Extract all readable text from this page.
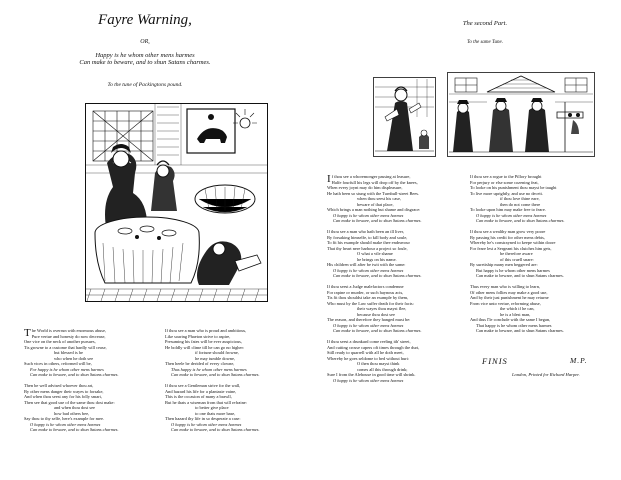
Fayre Warning,
OR,
Happy is he whom other mens harmes
Can make to beware, and to shun Satans charmes.
To the tune of Packingtons pound.
The World is overrun with enormous abuse,
Pure vertue and honesty do now decrease,
One vice on the neck of another pursues,
Tis growne to a custome that hardly will cease,
but blessed is he
who when he doth see
Such vices in others, reformed will be,
For happy is he whom other mens harmes
Can make to beware, and to shun Satans charmes.

Then be well advised whoever thou art,
By other mens danger their wayes to forsake,
And when thou seest any for his folly smart,
Then see that good use of the same thou dost make:
and when thou dost see
how bad others bee,
Say thou to thy selfe, here's example for mee.
O happy is he whom other mens harmes
Can make to beware, and to shun Satans charmes.
If thou see a man who is proud and ambitious,
Like soaring Phaeton strive to aspire,
Presuming his fates will be ever auspicious,
He boldly will clime till he can go no higher:
if fortune should frowne,
he may tumble downe,
Then heele be derided of every clowne,
Thus happy is he whom other mens harmes
Can make to beware, and to shun Satans charmes.

If thou see a Gentleman strive for the wall,
And hazard his life for a plantasie vaine,
This is the occasion of many a brawll,
But he thats a wiseman from that will refraine:
to better give place
to one thats more base,
Then hazard thy life in so desperate a case:
O happy is he whom other mens harmes
Can make to beware, and to shun Satans charmes.
The second Part.
To the same Tune.
If thou see a whoremonger passing at leasure,
Halfe fourfull his legs will drop off by the knees,
When every joynt may do him displeasure,
He hath been so stung with the Turnbull-street Bees.
when thou seest his case,
beware of that place,
Which brings a man nothing but shame and disgrace:
O happy is he whom other mens harmes
Can make to beware, and to shun Satans charmes.

If thou see a man who hath been an ill liver,
By forsaking himselfe, to kill body and soule,
To fit his example should make thee endeavour
That thy heart nere harbour a project so foule,
O what a vile shame
he brings on his name.
His children will after be twit with the same:
O happy is he whom other mens harmes
Can make to beware, and to shun Satans charmes.

If thou seest a Judge malefactors condemne
For rapine or murder, or such haynous acts,
Tis fit thou shouldst take an example by them,
Who must by the Law suffer death for their facts:
their wayes thou mayst flee,
because thou dost see
The reason, and therefore they hanged must be:
O happy is he whom other mens harmes
Can make to beware, and to shun Satans charmes.

If thou seest a drunkard come reeling ith' street,
And cutting crosse capers oft times through the durt,
Still ready to quarrell with all he doth meet,
Whereby he goes seldome to bed without hurt:
O then thou mayst think
comes all this through drink;
Sure I from the Alehouse in good time will shrink.
O happy is he whom other mens harmes
If thou see a rogue to the Pillory brought
For perjury or else some cozening feat,
To looke on his punishment thou mayst be taught
To live more uprightly, and use no deceit.
if thou love thine eare,
then do not come there
To looke upon him may make free to feare.
O happy is he whom other mens harmes
Can make to beware, and to shun Satans charmes.

If thou see a wealthy man grow very poore
By passing his credit for other mens debts,
Whereby he's constrayned to keepe within doore
For feare lest a Sergeant his clutches him gets,
be therefore aware
of this cruell snare:
By suretiship many men beggered are:
But happy is he whom other mens harmes
Can make to beware, and to shun Satans charmes.

Thus every man who is willing to learn,
Of other mens follies may make a good use,
And by their just punishment he may returne
From vice unto vertue, reforming abuse,
the which if he can,
he is a blest man,
And thus I'le conclude with the same I began,
That happy is he whom other mens harmes
Can make to beware, and to shun Satans charmes.
FINIS	M.P.
London, Printed for Richard Harper.
